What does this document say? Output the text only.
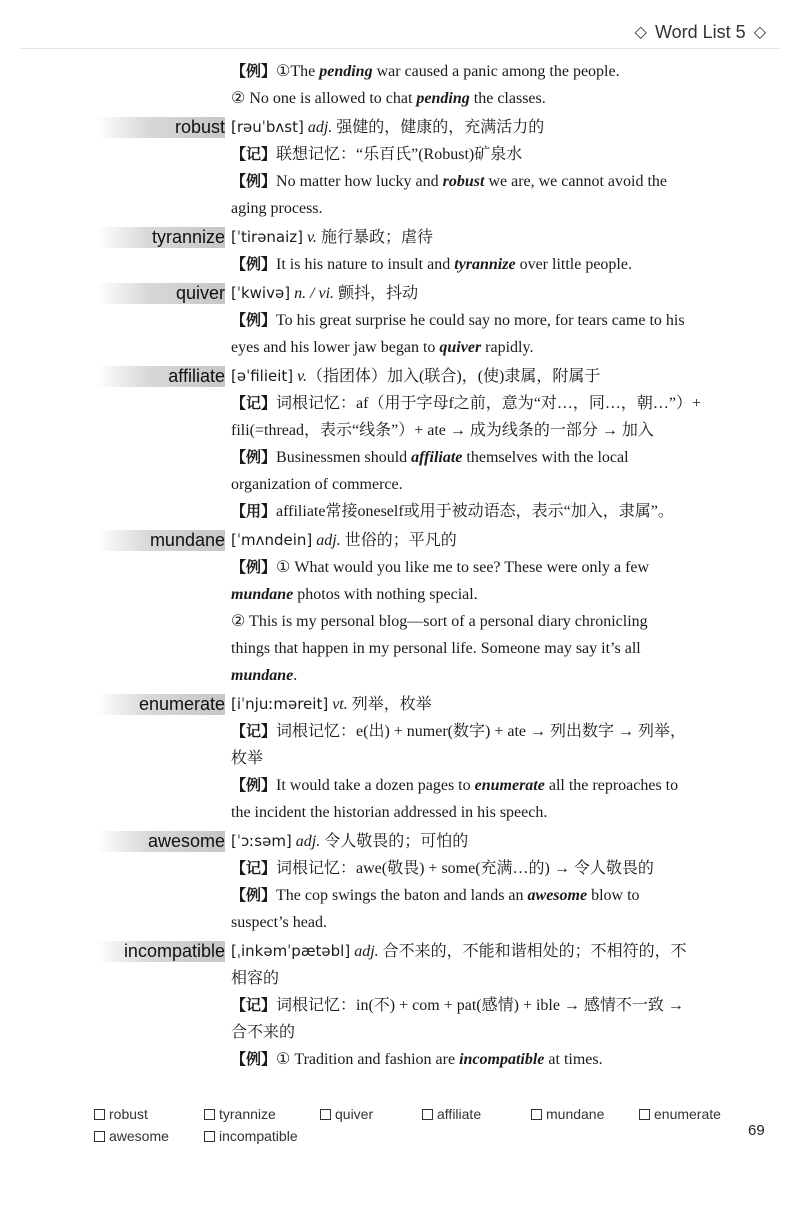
◇ Word List 5 ◇
【例】①The pending war caused a panic among the people.
② No one is allowed to chat pending the classes.
robust [rəuˈbʌst] adj. 强健的，健康的，充满活力的
【记】联想记忆：“乐百氏”(Robust)矿泉水
【例】No matter how lucky and robust we are, we cannot avoid the
aging process.
tyrannize [ˈtirənaiz] v. 施行暴政；虐待
【例】It is his nature to insult and tyrannize over little people.
quiver [ˈkwivə] n. / vi. 颤抖，抖动
【例】To his great surprise he could say no more, for tears came to his
eyes and his lower jaw began to quiver rapidly.
affiliate [əˈfilieit] v.（指团体）加入(联合)，(使)隶属，附属于
【记】词根记忆：af（用于字母f之前，意为“对…，同…，朝…”）+
fili(=thread，表示“线条”）+ ate → 成为线条的一部分 → 加入
【例】Businessmen should affiliate themselves with the local
organization of commerce.
【用】affiliate常接oneself或用于被动语态，表示“加入，隶属”。
mundane [ˈmʌndein] adj. 世俗的；平凡的
【例】① What would you like me to see? These were only a few
mundane photos with nothing special.
② This is my personal blog—sort of a personal diary chronicling
things that happen in my personal life. Someone may say it’s all
mundane.
enumerate [iˈnjuːməreit] vt. 列举，枚举
【记】词根记忆：e(出) + numer(数字) + ate → 列出数字 → 列举，
枚举
【例】It would take a dozen pages to enumerate all the reproaches to
the incident the historian addressed in his speech.
awesome [ˈɔːsəm] adj. 令人敬畏的；可怕的
【记】词根记忆：awe(敬畏) + some(充满…的) → 令人敬畏的
【例】The cop swings the baton and lands an awesome blow to
suspect’s head.
incompatible [ˌinkəmˈpætəbl] adj. 合不来的，不能和谐相处的；不相符的，不
相容的
【记】词根记忆：in(不) + com + pat(感情) + ible → 感情不一致 →
合不来的
【例】① Tradition and fashion are incompatible at times.
robust	tyrannize	quiver	affiliate	mundane	enumerate
awesome	incompatible	69
